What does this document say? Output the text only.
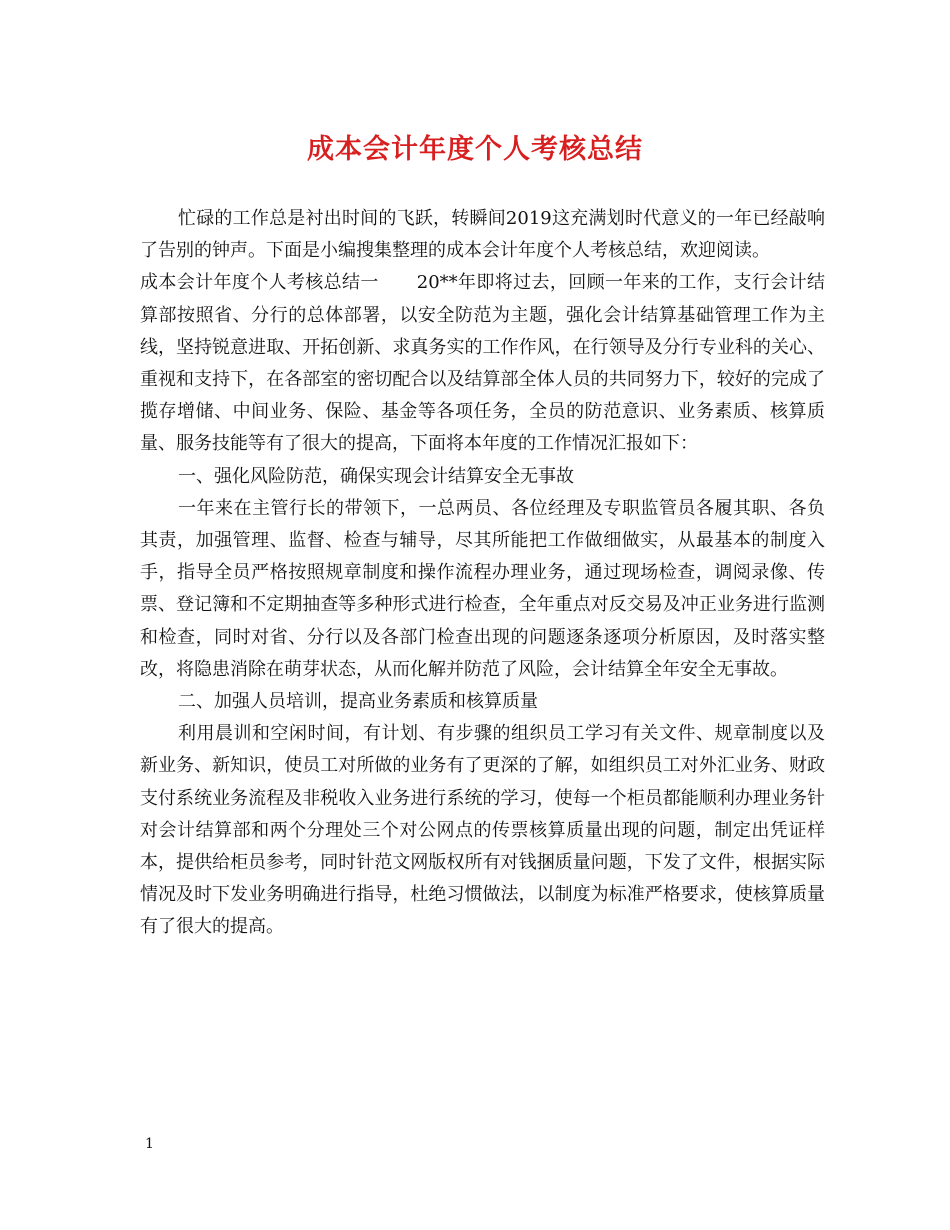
成本会计年度个人考核总结

忙碌的工作总是衬出时间的飞跃，转瞬间2019这充满划时代意义的一年已经敲响了告别的钟声。下面是小编搜集整理的成本会计年度个人考核总结，欢迎阅读。

成本会计年度个人考核总结一 20**年即将过去，回顾一年来的工作，支行会计结算部按照省、分行的总体部署，以安全防范为主题，强化会计结算基础管理工作为主线，坚持锐意进取、开拓创新、求真务实的工作作风，在行领导及分行专业科的关心、重视和支持下，在各部室的密切配合以及结算部全体人员的共同努力下，较好的完成了揽存增储、中间业务、保险、基金等各项任务，全员的防范意识、业务素质、核算质量、服务技能等有了很大的提高，下面将本年度的工作情况汇报如下：

一、强化风险防范，确保实现会计结算安全无事故

一年来在主管行长的带领下，一总两员、各位经理及专职监管员各履其职、各负其责，加强管理、监督、检查与辅导，尽其所能把工作做细做实，从最基本的制度入手，指导全员严格按照规章制度和操作流程办理业务，通过现场检查，调阅录像、传票、登记簿和不定期抽查等多种形式进行检查，全年重点对反交易及冲正业务进行监测和检查，同时对省、分行以及各部门检查出现的问题逐条逐项分析原因，及时落实整改，将隐患消除在萌芽状态，从而化解并防范了风险，会计结算全年安全无事故。

二、加强人员培训，提高业务素质和核算质量

利用晨训和空闲时间，有计划、有步骤的组织员工学习有关文件、规章制度以及新业务、新知识，使员工对所做的业务有了更深的了解，如组织员工对外汇业务、财政支付系统业务流程及非税收入业务进行系统的学习，使每一个柜员都能顺利办理业务针对会计结算部和两个分理处三个对公网点的传票核算质量出现的问题，制定出凭证样本，提供给柜员参考，同时针范文网版权所有对钱捆质量问题，下发了文件，根据实际情况及时下发业务明确进行指导，杜绝习惯做法，以制度为标准严格要求，使核算质量有了很大的提高。

1
